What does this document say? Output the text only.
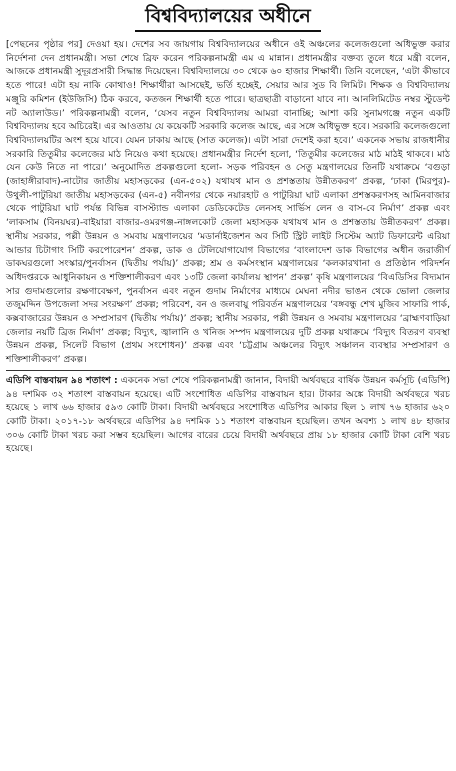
বিশ্ববিদ্যালয়ের অধীনে

[পেছনের পৃষ্ঠার পর] দেওয়া হয়। দেশের সব জায়গায় বিশ্ববিদ্যালয়ের অধীনে ওই অঞ্চলের কলেজগুলো অধিভুক্ত করার নির্দেশনা দেন প্রধানমন্ত্রী। সভা শেষে ব্রিফ করেন পরিকল্পনামন্ত্রী এম এ মান্নান। প্রধানমন্ত্রীর বক্তব্য তুলে ধরে মন্ত্রী বলেন, আজকে প্রধানমন্ত্রী সুদূরপ্রসারী সিদ্ধান্ত দিয়েছেন। বিশ্ববিদ্যালয়ে ৩০ থেকে ৬০ হাজার শিক্ষার্থী। তিনি বলেছেন, ‘এটা কীভাবে হতে পারে! এটা হয় নাকি কোথাও! শিক্ষার্থীরা আসছেই, ভর্তি হচ্ছেই, সেয়ার আর সুড বি লিমিট। শিক্ষক ও বিশ্ববিদ্যালয় মঞ্জুরি কমিশন (ইউজিসি) ঠিক করবে, কতজন শিক্ষার্থী হতে পারে। ছাত্রছাত্রী বাড়ানো যাবে না। আনলিমিটেড নম্বর স্টুডেন্ট নট অ্যালাউড।’ পরিকল্পনামন্ত্রী বলেন, ‘যেসব নতুন বিশ্ববিদ্যালয় আমরা বানাচ্ছি; আশা করি সুনামগঞ্জে নতুন একটি বিশ্ববিদ্যালয় হবে অচিরেই। এর আওতায় যে কয়েকটি সরকারি কলেজ আছে, এর সঙ্গে অধিভুক্ত হবে। সরকারি কলেজগুলো বিশ্ববিদ্যালয়টির অংশ হয়ে যাবে। যেমন ঢাকায় আছে (সাত কলেজ)। এটা সারা দেশেই করা হবে।’ একনেক সভায় রাজধানীর সরকারি তিতুমীর কলেজের মাঠ নিয়েও কথা হয়েছে। প্রধানমন্ত্রীর নির্দেশ হলো, ‘তিতুমীর কলেজের মাঠ মাঠই থাকবে। মাঠ যেন কেউ নিতে না পারে।’ অনুমোদিত প্রকল্পগুলো হলো- সড়ক পরিবহন ও সেতু মন্ত্রণালয়ের তিনটি যথাক্রমে ‘বগুড়া (জাহাঙ্গীরাবাদ)-নাটোর জাতীয় মহাসড়কের (এন-৫০২) যথাযথ মান ও প্রশস্ততায় উন্নীতকরণ’ প্রকল্প, ‘ঢাকা (মিরপুর)-উথুলী-পাটুরিয়া জাতীয় মহাসড়কের (এন-৫) নবীনগর থেকে নয়ারহাট ও পাটুরিয়া ঘাট এলাকা প্রশস্তকরণসহ আমিনবাজার থেকে পাটুরিয়া ঘাট পর্যন্ত বিভিন্ন বাসস্ট্যান্ড এলাকা ডেডিকেটেড লেনসহ সার্ভিস লেন ও বাস-বে নির্মাণ’ প্রকল্প এবং ‘লাকসাম (বিনয়ঘর)-বাইয়ারা বাজার-ওমরগঞ্জ-নাঙ্গলকোট জেলা মহাসড়ক যথাযথ মান ও প্রশস্ততায় উন্নীতকরণ’ প্রকল্প। স্থানীয় সরকার, পল্লী উন্নয়ন ও সমবায় মন্ত্রণালয়ের ‘মডার্নাইজেশন অব সিটি স্ট্রিট লাইট সিস্টেম অ্যাট ডিফারেন্ট এরিয়া আন্ডার চিটাগাং সিটি করপোরেশন’ প্রকল্প, ডাক ও টেলিযোগাযোগ বিভাগের ‘বাংলাদেশ ডাক বিভাগের অধীন জরাজীর্ণ ডাকঘরগুলো সংস্কার/পুনর্বাসন (দ্বিতীয় পর্যায়)’ প্রকল্প; শ্রম ও কর্মসংস্থান মন্ত্রণালয়ের ‘কলকারখানা ও প্রতিষ্ঠান পরিদর্শন অধিদপ্তরকে আধুনিকায়ন ও শক্তিশালীকরণ এবং ১৩টি জেলা কার্যালয় স্থাপন’ প্রকল্প’ কৃষি মন্ত্রণালয়ের ‘বিএডিসির বিদ্যমান সার গুদামগুলোর রক্ষণাবেক্ষণ, পুনর্বাসন এবং নতুন গুদাম নির্মাণের মাধ্যমে মেঘনা নদীর ভাঙন থেকে ভোলা জেলার তজুমদ্দিন উপজেলা সদর সংরক্ষণ’ প্রকল্প; পরিবেশ, বন ও জলবায়ু পরিবর্তন মন্ত্রণালয়ের ‘বঙ্গবন্ধু শেখ মুজিব সাফারি পার্ক, কক্সবাজারের উন্নয়ন ও সম্প্রসারণ (দ্বিতীয় পর্যায়)’ প্রকল্প; স্থানীয় সরকার, পল্লী উন্নয়ন ও সমবায় মন্ত্রণালয়ের ‘ব্রাহ্মণবাড়িয়া জেলার নয়টি ব্রিজ নির্মাণ’ প্রকল্প; বিদ্যুৎ, জ্বালানি ও খনিজ সম্পদ মন্ত্রণালয়ের দুটি প্রকল্প যথাক্রমে ‘বিদ্যুৎ বিতরণ ব্যবস্থা উন্নয়ন প্রকল্প, সিলেট বিভাগ (প্রথম সংশোধন)’ প্রকল্প এবং ‘চট্টগ্রাম অঞ্চলের বিদ্যুৎ সঞ্চালন ব্যবস্থার সম্প্রসারণ ও শক্তিশালীকরণ’ প্রকল্প।

এডিপি বাস্তবায়ন ৯৪ শতাংশ : একনেক সভা শেষে পরিকল্পনামন্ত্রী জানান, বিদায়ী অর্থবছরে বার্ষিক উন্নয়ন কর্মসূচি (এডিপি) ৯৪ দশমিক ৩২ শতাংশ বাস্তবায়ন হয়েছে। এটি সংশোধিত এডিপির বাস্তবায়ন হার। টাকার অঙ্কে বিদায়ী অর্থবছরে খরচ হয়েছে ১ লাখ ৬৬ হাজার ৫৯৩ কোটি টাকা। বিদায়ী অর্থবছরে সংশোধিত এডিপির আকার ছিল ১ লাখ ৭৬ হাজার ৬২০ কোটি টাকা। ২০১৭-১৮ অর্থবছরে এডিপির ৯৪ দশমিক ১১ শতাংশ বাস্তবায়ন হয়েছিল। তখন অবশ্য ১ লাখ ৪৮ হাজার ৩০৬ কোটি টাকা খরচ করা সম্ভব হয়েছিল। আগের বারের চেয়ে বিদায়ী অর্থবছরে প্রায় ১৮ হাজার কোটি টাকা বেশি খরচ হয়েছে।
